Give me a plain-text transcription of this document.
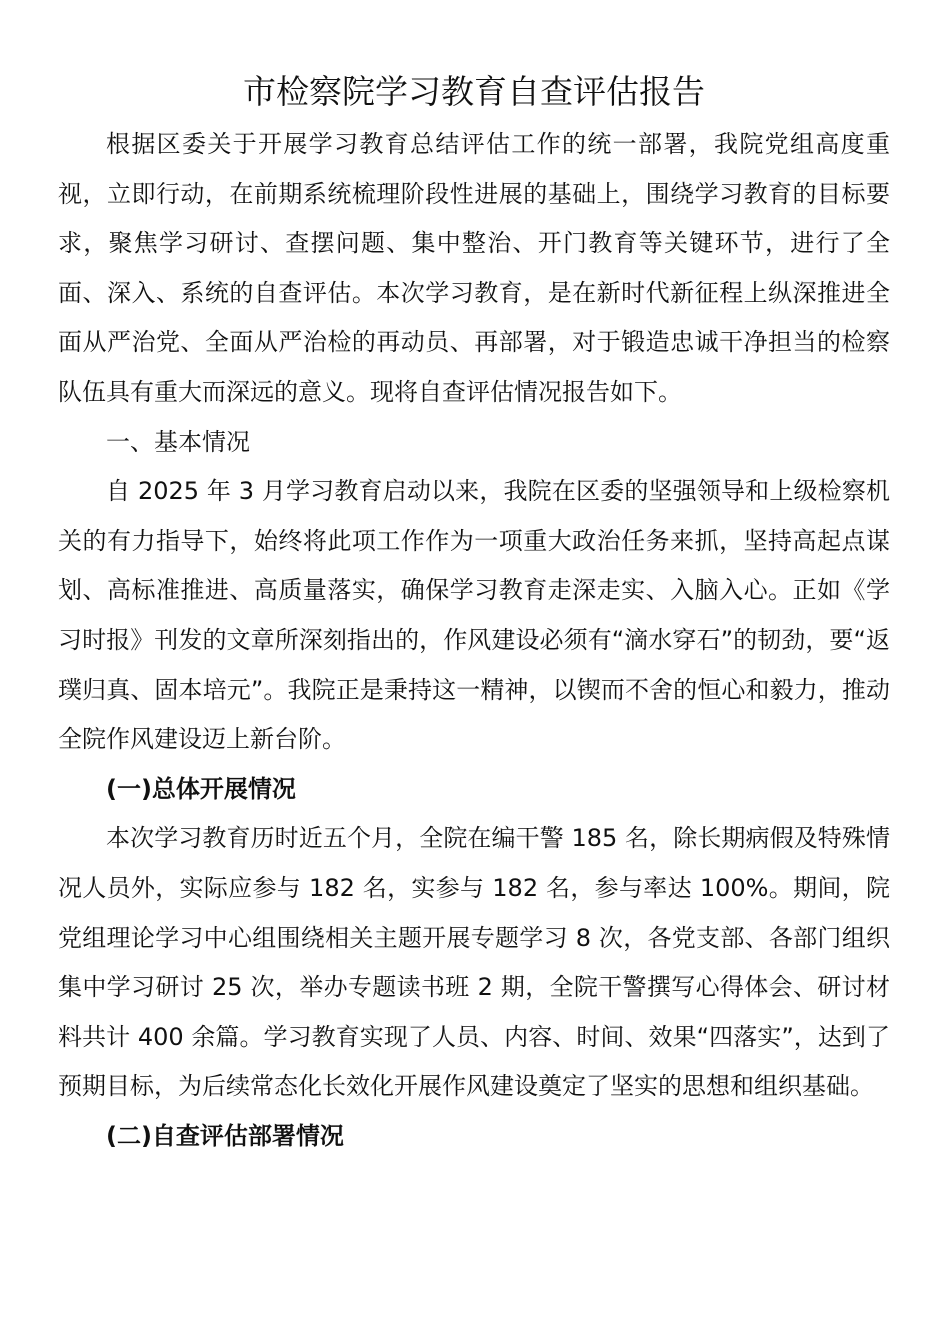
市检察院学习教育自查评估报告

根据区委关于开展学习教育总结评估工作的统一部署，我院党组高度重视，立即行动，在前期系统梳理阶段性进展的基础上，围绕学习教育的目标要求，聚焦学习研讨、查摆问题、集中整治、开门教育等关键环节，进行了全面、深入、系统的自查评估。本次学习教育，是在新时代新征程上纵深推进全面从严治党、全面从严治检的再动员、再部署，对于锻造忠诚干净担当的检察队伍具有重大而深远的意义。现将自查评估情况报告如下。

一、基本情况

自 2025 年 3 月学习教育启动以来，我院在区委的坚强领导和上级检察机关的有力指导下，始终将此项工作作为一项重大政治任务来抓，坚持高起点谋划、高标准推进、高质量落实，确保学习教育走深走实、入脑入心。正如《学习时报》刊发的文章所深刻指出的，作风建设必须有“滴水穿石”的韧劲，要“返璞归真、固本培元”。我院正是秉持这一精神，以锲而不舍的恒心和毅力，推动全院作风建设迈上新台阶。

(一)总体开展情况

本次学习教育历时近五个月，全院在编干警 185 名，除长期病假及特殊情况人员外，实际应参与 182 名，实参与 182 名，参与率达 100%。期间，院党组理论学习中心组围绕相关主题开展专题学习 8 次，各党支部、各部门组织集中学习研讨 25 次，举办专题读书班 2 期，全院干警撰写心得体会、研讨材料共计 400 余篇。学习教育实现了人员、内容、时间、效果“四落实”，达到了预期目标，为后续常态化长效化开展作风建设奠定了坚实的思想和组织基础。

(二)自查评估部署情况
